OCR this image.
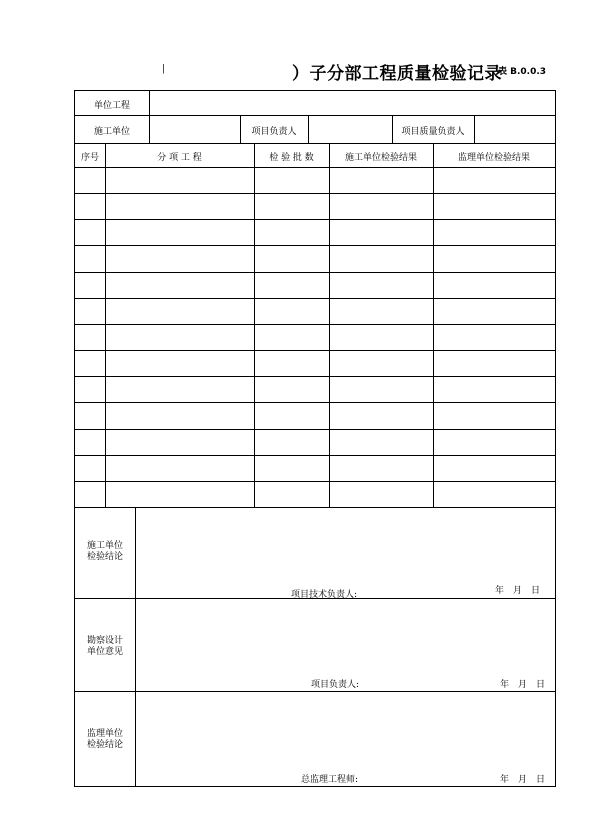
|	）子分部工程质量检验记录
表 B.0.0.3
单位工程
施工单位	项目负责人	项目质量负责人
序号	分 项 工 程	检 验 批 数	施工单位检验结果	监理单位检验结果
施工单位
检验结论
项目技术负责人:	年　月　日
勘察设计
单位意见
项目负责人:	年　月　日
监理单位
检验结论
总监理工程师:	年　月　日
